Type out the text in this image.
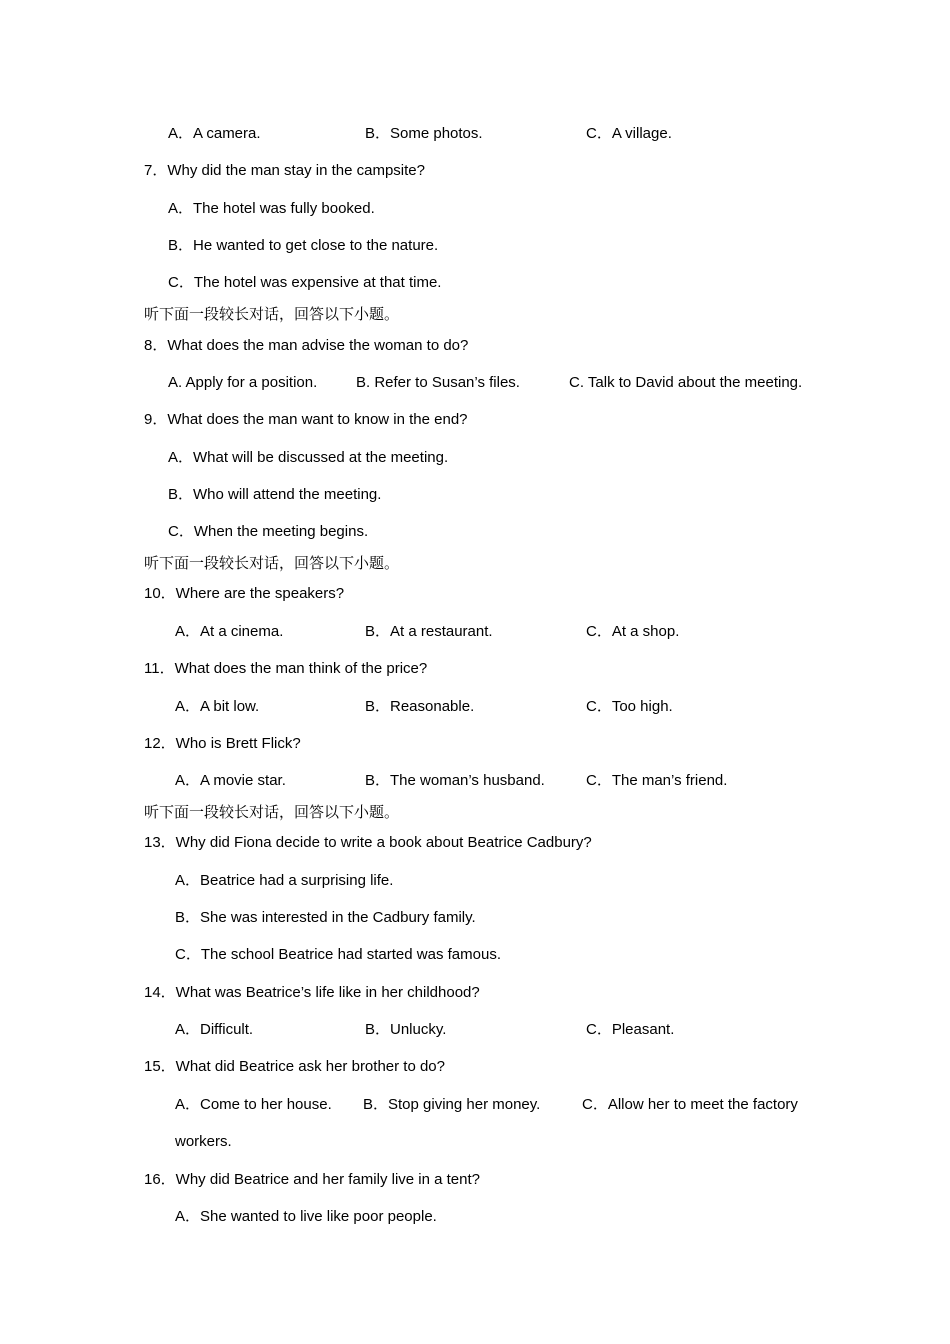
A．A camera.	B．Some photos.	C．A village.
7．Why did the man stay in the campsite?
A．The hotel was fully booked.
B．He wanted to get close to the nature.
C．The hotel was expensive at that time.
听下面一段较长对话，回答以下小题。
8．What does the man advise the woman to do?
A. Apply for a position.	B. Refer to Susan’s files.	C. Talk to David about the meeting.
9．What does the man want to know in the end?
A．What will be discussed at the meeting.
B．Who will attend the meeting.
C．When the meeting begins.
听下面一段较长对话，回答以下小题。
10．Where are the speakers?
A．At a cinema.	B．At a restaurant.	C．At a shop.
11．What does the man think of the price?
A．A bit low.	B．Reasonable.	C．Too high.
12．Who is Brett Flick?
A．A movie star.	B．The woman’s husband.	C．The man’s friend.
听下面一段较长对话，回答以下小题。
13．Why did Fiona decide to write a book about Beatrice Cadbury?
A．Beatrice had a surprising life.
B．She was interested in the Cadbury family.
C．The school Beatrice had started was famous.
14．What was Beatrice’s life like in her childhood?
A．Difficult.	B．Unlucky.	C．Pleasant.
15．What did Beatrice ask her brother to do?
A．Come to her house. B．Stop giving her money.	C．Allow her to meet the factory
workers.
16．Why did Beatrice and her family live in a tent?
A．She wanted to live like poor people.
